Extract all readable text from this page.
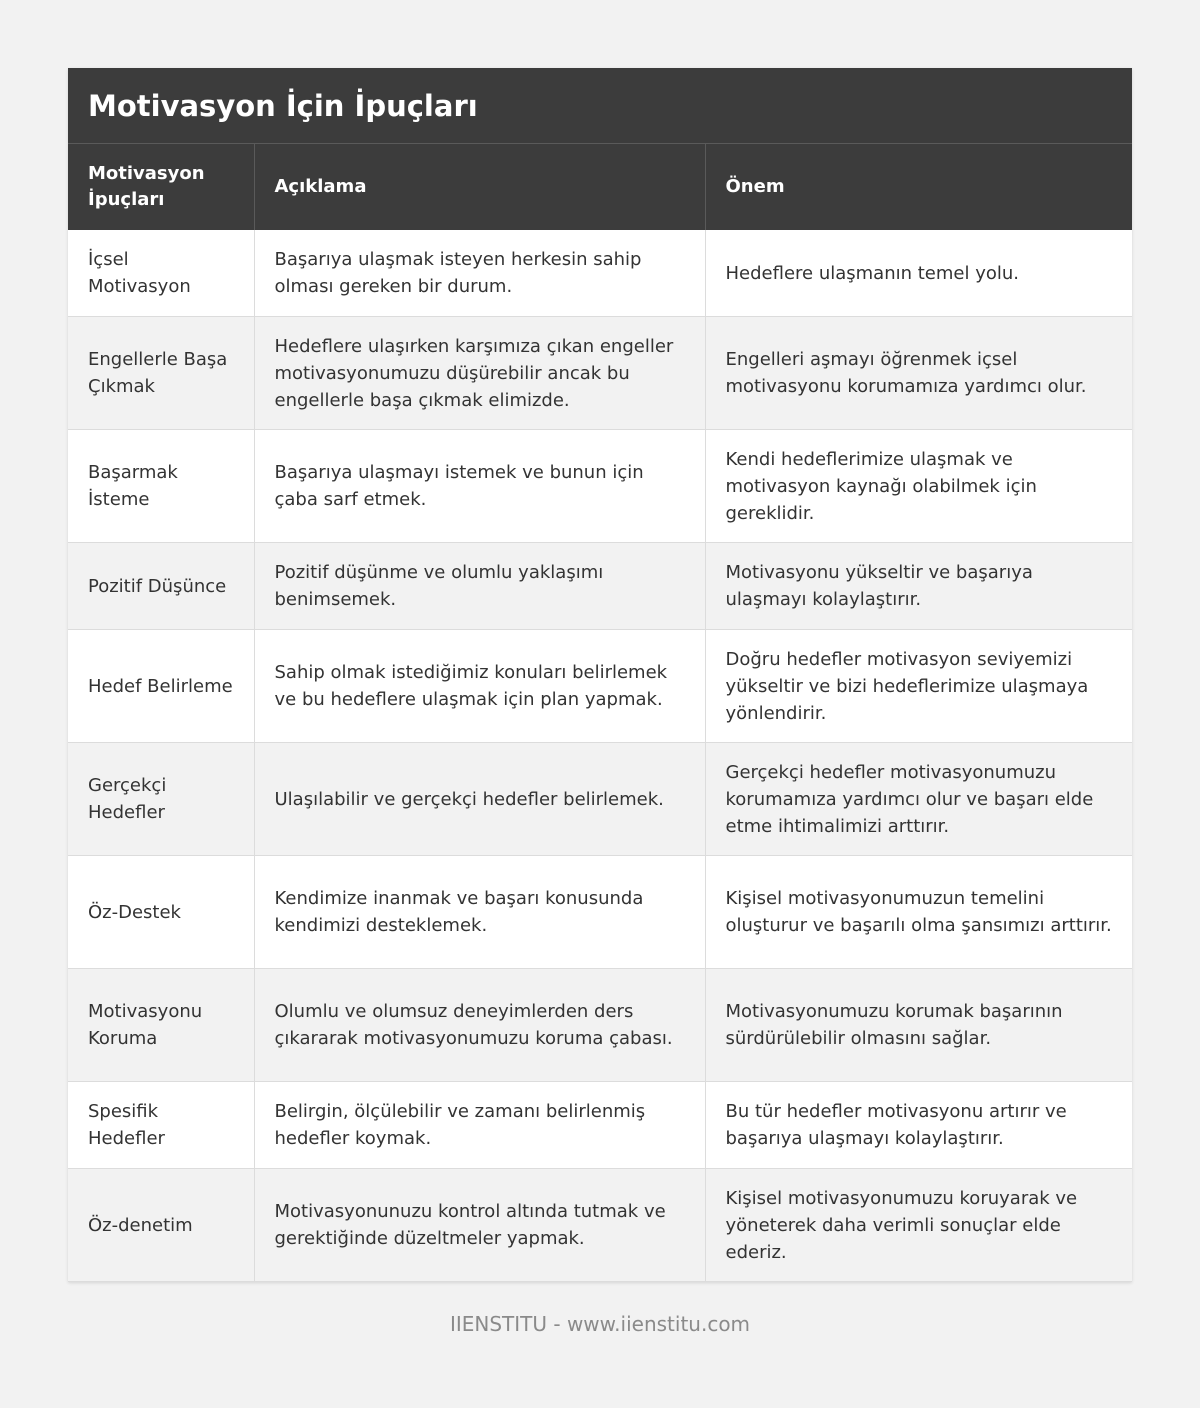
Motivasyon İçin İpuçları
Motivasyon İpuçları	Açıklama	Önem
İçsel Motivasyon	Başarıya ulaşmak isteyen herkesin sahip olması gereken bir durum.	Hedeflere ulaşmanın temel yolu.
Engellerle Başa Çıkmak	Hedeflere ulaşırken karşımıza çıkan engeller motivasyonumuzu düşürebilir ancak bu engellerle başa çıkmak elimizde.	Engelleri aşmayı öğrenmek içsel motivasyonu korumamıza yardımcı olur.
Başarmak İsteme	Başarıya ulaşmayı istemek ve bunun için çaba sarf etmek.	Kendi hedeflerimize ulaşmak ve motivasyon kaynağı olabilmek için gereklidir.
Pozitif Düşünce	Pozitif düşünme ve olumlu yaklaşımı benimsemek.	Motivasyonu yükseltir ve başarıya ulaşmayı kolaylaştırır.
Hedef Belirleme	Sahip olmak istediğimiz konuları belirlemek ve bu hedeflere ulaşmak için plan yapmak.	Doğru hedefler motivasyon seviyemizi yükseltir ve bizi hedeflerimize ulaşmaya yönlendirir.
Gerçekçi Hedefler	Ulaşılabilir ve gerçekçi hedefler belirlemek.	Gerçekçi hedefler motivasyonumuzu korumamıza yardımcı olur ve başarı elde etme ihtimalimizi arttırır.
Öz-Destek	Kendimize inanmak ve başarı konusunda kendimizi desteklemek.	Kişisel motivasyonumuzun temelini oluşturur ve başarılı olma şansımızı arttırır.
Motivasyonu Koruma	Olumlu ve olumsuz deneyimlerden ders çıkararak motivasyonumuzu koruma çabası.	Motivasyonumuzu korumak başarının sürdürülebilir olmasını sağlar.
Spesifik Hedefler	Belirgin, ölçülebilir ve zamanı belirlenmiş hedefler koymak.	Bu tür hedefler motivasyonu artırır ve başarıya ulaşmayı kolaylaştırır.
Öz-denetim	Motivasyonunuzu kontrol altında tutmak ve gerektiğinde düzeltmeler yapmak.	Kişisel motivasyonumuzu koruyarak ve yöneterek daha verimli sonuçlar elde ederiz.
IIENSTITU - www.iienstitu.com
